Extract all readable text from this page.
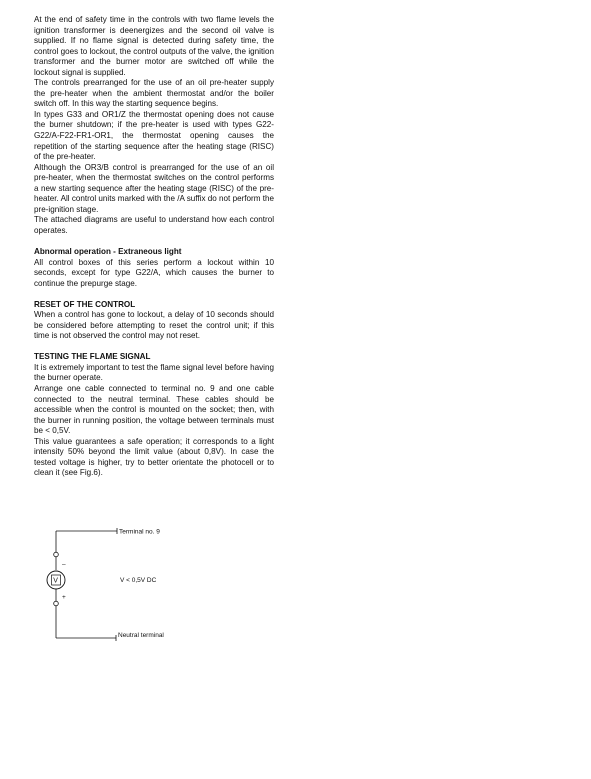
At the end of safety time in the controls with two flame levels the ignition transformer is deenergizes and the second oil valve is supplied. If no flame signal is detected during safety time, the control goes to lockout, the control outputs of the valve, the ignition transformer and the burner motor are switched off while the lockout signal is supplied.

The controls prearranged for the use of an oil pre-heater supply the pre-heater when the ambient thermostat and/or the boiler switch off. In this way the starting sequence begins.

In types G33 and OR1/Z the thermostat opening does not cause the burner shutdown; if the pre-heater is used with types G22-G22/A-F22-FR1-OR1, the thermostat opening causes the repetition of the starting sequence after the heating stage (RISC) of the pre-heater.

Although the OR3/B control is prearranged for the use of an oil pre-heater, when the thermostat switches on the control performs a new starting sequence after the heating stage (RISC) of the pre-heater. All control units marked with the /A suffix do not perform the pre-ignition stage.

The attached diagrams are useful to understand how each control operates.

Abnormal operation - Extraneous light

All control boxes of this series perform a lockout within 10 seconds, except for type G22/A, which causes the burner to continue the prepurge stage.

RESET OF THE CONTROL

When a control has gone to lockout, a delay of 10 seconds should be considered before attempting to reset the control unit; if this time is not observed the control may not reset.

TESTING THE FLAME SIGNAL

It is extremely important to test the flame signal level before having the burner operate.

Arrange one cable connected to terminal no. 9 and one cable connected to the neutral terminal. These cables should be accessible when the control is mounted on the socket; then, with the burner in running position, the voltage between terminals must be < 0,5V.

This value guarantees a safe operation; it corresponds to a light intensity 50% beyond the limit value (about 0,8V). In case the tested voltage is higher, try to better orientate the photocell or to clean it (see Fig.6).

Terminal no. 9
–
V	V < 0,5V DC
+
Neutral terminal
